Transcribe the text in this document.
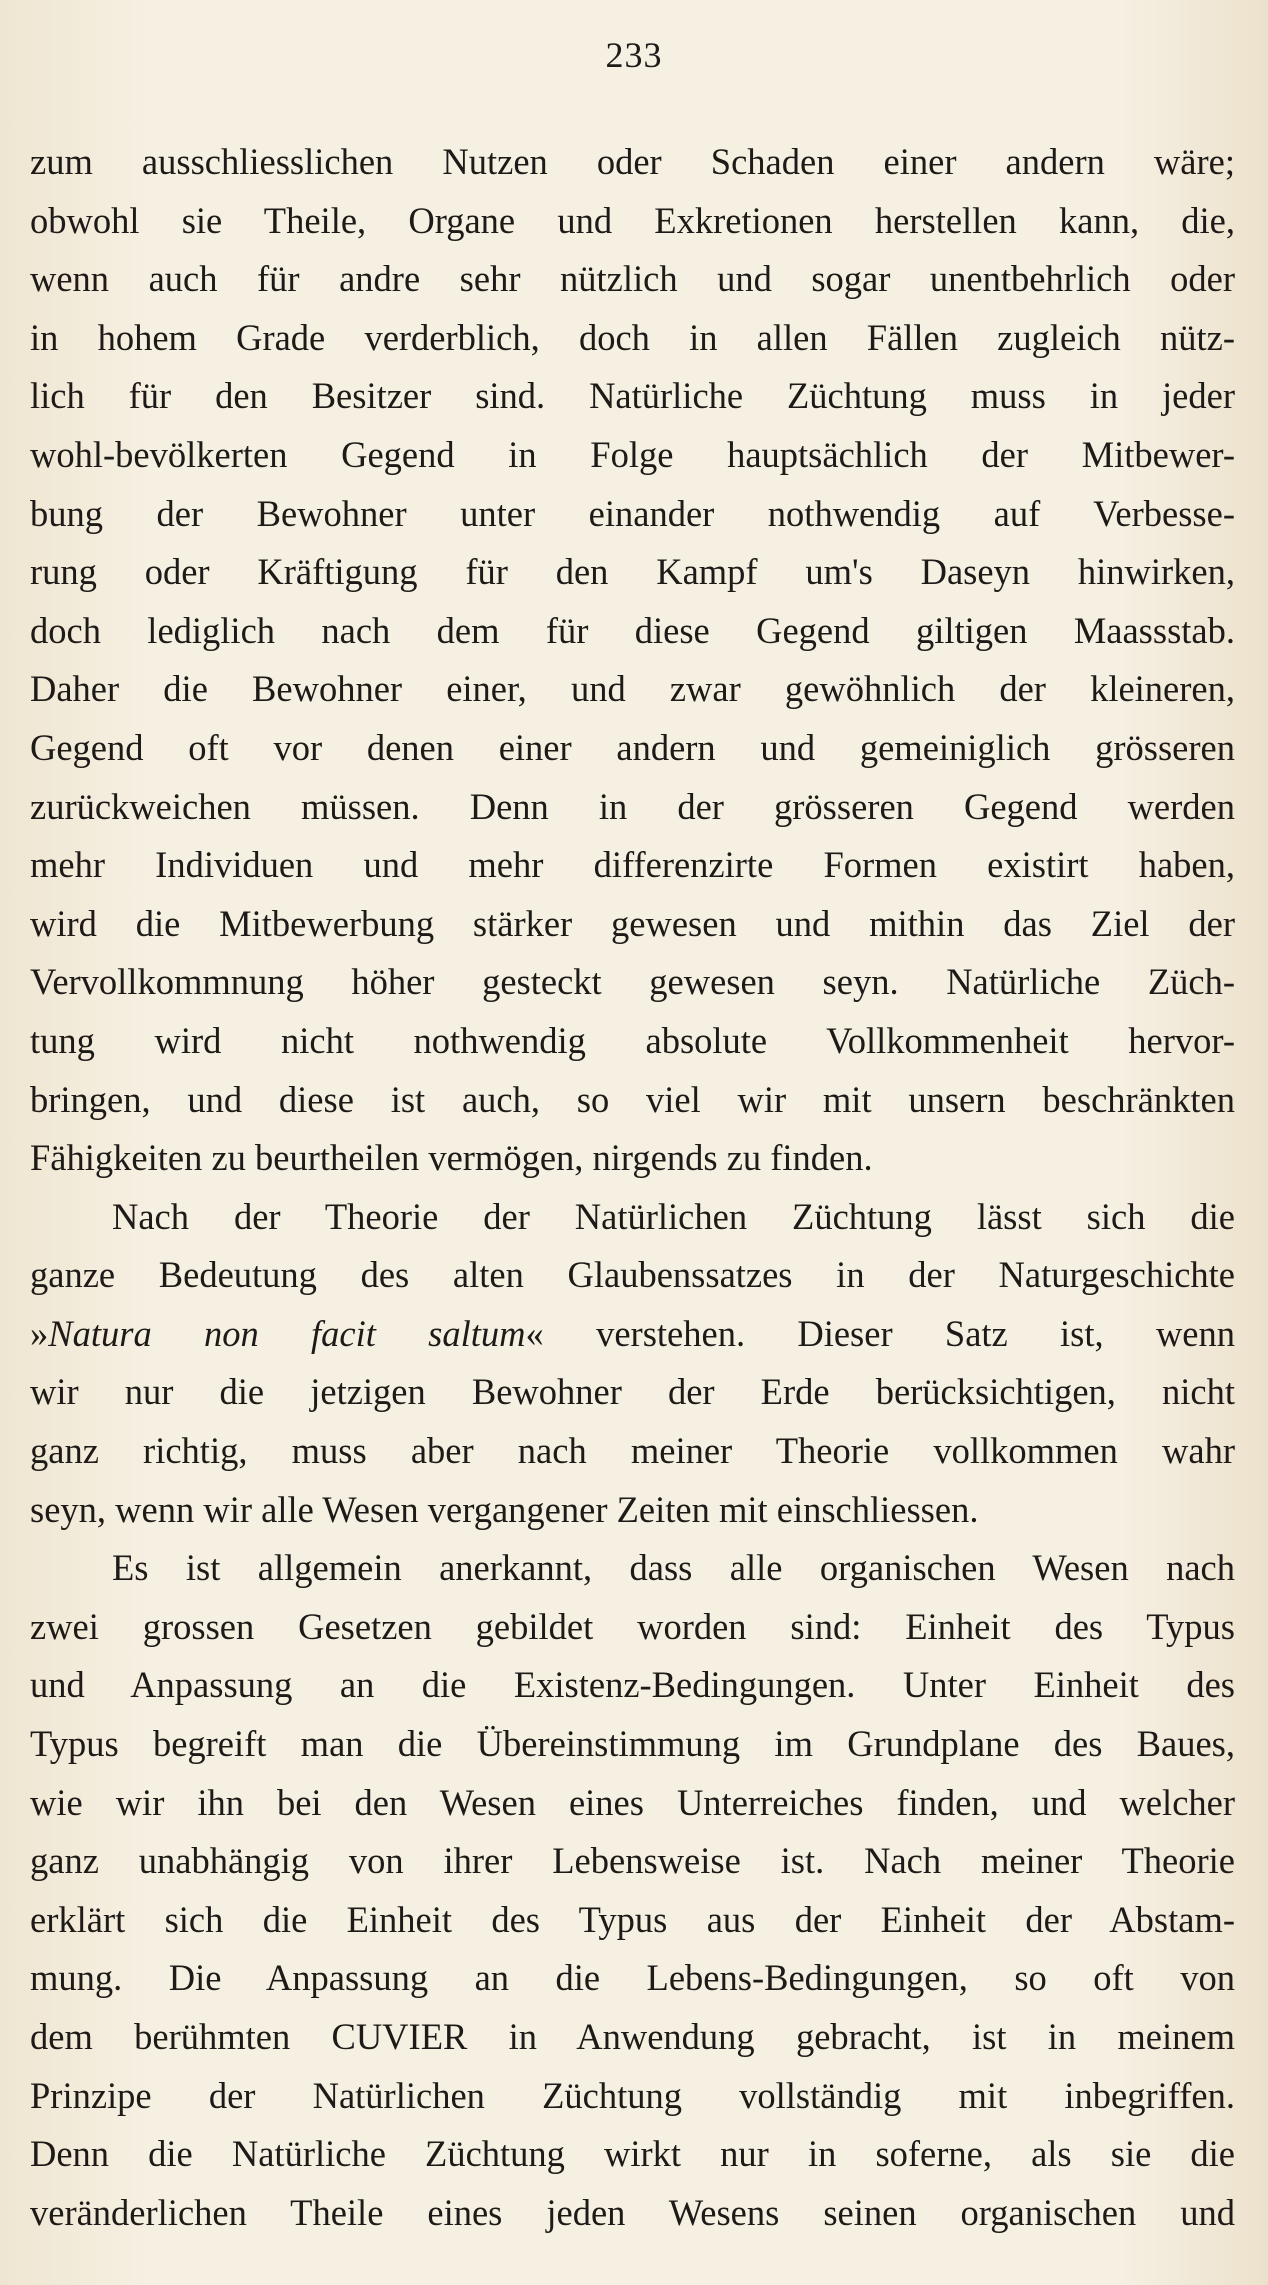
233
zum ausschliesslichen Nutzen oder Schaden einer andern wäre;
obwohl sie Theile, Organe und Exkretionen herstellen kann, die,
wenn auch für andre sehr nützlich und sogar unentbehrlich oder
in hohem Grade verderblich, doch in allen Fällen zugleich nütz-
lich für den Besitzer sind. Natürliche Züchtung muss in jeder
wohl-bevölkerten Gegend in Folge hauptsächlich der Mitbewer-
bung der Bewohner unter einander nothwendig auf Verbesse-
rung oder Kräftigung für den Kampf um's Daseyn hinwirken,
doch lediglich nach dem für diese Gegend giltigen Maassstab.
Daher die Bewohner einer, und zwar gewöhnlich der kleineren,
Gegend oft vor denen einer andern und gemeiniglich grösseren
zurückweichen müssen. Denn in der grösseren Gegend werden
mehr Individuen und mehr differenzirte Formen existirt haben,
wird die Mitbewerbung stärker gewesen und mithin das Ziel der
Vervollkommnung höher gesteckt gewesen seyn. Natürliche Züch-
tung wird nicht nothwendig absolute Vollkommenheit hervor-
bringen, und diese ist auch, so viel wir mit unsern beschränkten
Fähigkeiten zu beurtheilen vermögen, nirgends zu finden.
Nach der Theorie der Natürlichen Züchtung lässt sich die
ganze Bedeutung des alten Glaubenssatzes in der Naturgeschichte
»Natura non facit saltum« verstehen. Dieser Satz ist, wenn
wir nur die jetzigen Bewohner der Erde berücksichtigen, nicht
ganz richtig, muss aber nach meiner Theorie vollkommen wahr
seyn, wenn wir alle Wesen vergangener Zeiten mit einschliessen.
Es ist allgemein anerkannt, dass alle organischen Wesen nach
zwei grossen Gesetzen gebildet worden sind: Einheit des Typus
und Anpassung an die Existenz-Bedingungen. Unter Einheit des
Typus begreift man die Übereinstimmung im Grundplane des Baues,
wie wir ihn bei den Wesen eines Unterreiches finden, und welcher
ganz unabhängig von ihrer Lebensweise ist. Nach meiner Theorie
erklärt sich die Einheit des Typus aus der Einheit der Abstam-
mung. Die Anpassung an die Lebens-Bedingungen, so oft von
dem berühmten CUVIER in Anwendung gebracht, ist in meinem
Prinzipe der Natürlichen Züchtung vollständig mit inbegriffen.
Denn die Natürliche Züchtung wirkt nur in soferne, als sie die
veränderlichen Theile eines jeden Wesens seinen organischen und
